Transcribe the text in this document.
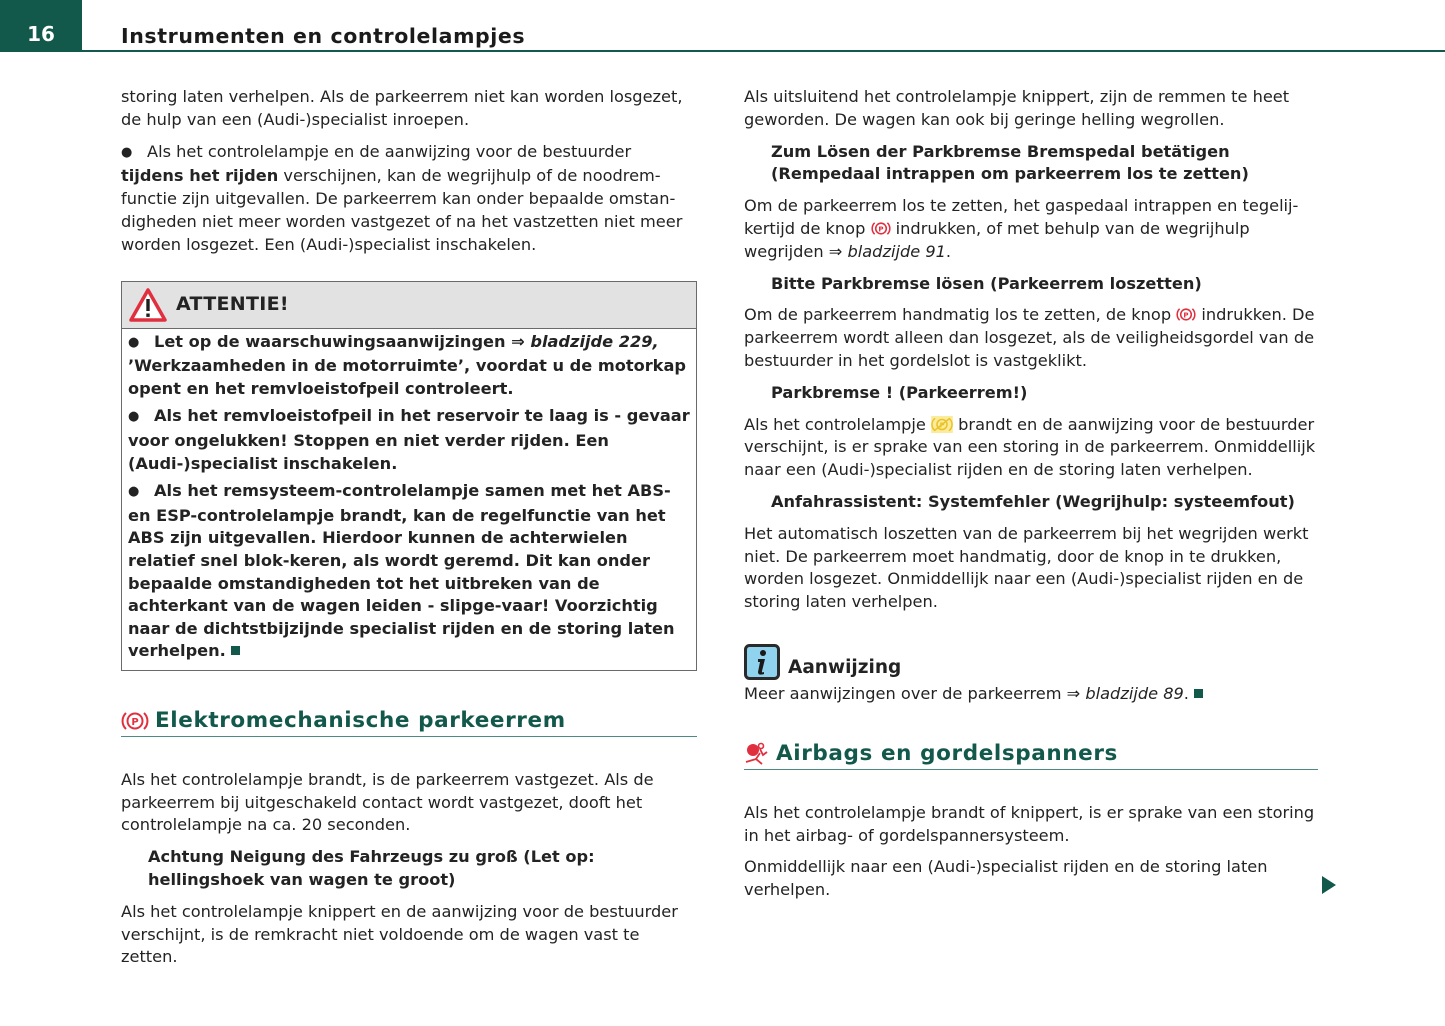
16	Instrumenten en controlelampjes

storing laten verhelpen. Als de parkeerrem niet kan worden losgezet, de hulp van een (Audi-)specialist inroepen.

●Als het controlelampje en de aanwijzing voor de bestuurder tijdens het rijden verschijnen, kan de wegrijhulp of de noodrem-functie zijn uitgevallen. De parkeerrem kan onder bepaalde omstan-digheden niet meer worden vastgezet of na het vastzetten niet meer worden losgezet. Een (Audi-)specialist inschakelen.

ATTENTIE!

●Let op de waarschuwingsaanwijzingen ⇒ bladzijde 229, ’Werkzaamheden in de motorruimte’, voordat u de motorkap opent en het remvloeistofpeil controleert.

●Als het remvloeistofpeil in het reservoir te laag is - gevaar voor ongelukken! Stoppen en niet verder rijden. Een (Audi-)specialist inschakelen.

●Als het remsysteem-controlelampje samen met het ABS- en ESP-controlelampje brandt, kan de regelfunctie van het ABS zijn uitgevallen. Hierdoor kunnen de achterwielen relatief snel blok-keren, als wordt geremd. Dit kan onder bepaalde omstandigheden tot het uitbreken van de achterkant van de wagen leiden - slipge-vaar! Voorzichtig naar de dichtstbijzijnde specialist rijden en de storing laten verhelpen.

P Elektromechanische parkeerrem

Als het controlelampje brandt, is de parkeerrem vastgezet. Als de parkeerrem bij uitgeschakeld contact wordt vastgezet, dooft het controlelampje na ca. 20 seconden.

Achtung Neigung des Fahrzeugs zu groß (Let op: hellingshoek van wagen te groot)

Als het controlelampje knippert en de aanwijzing voor de bestuurder verschijnt, is de remkracht niet voldoende om de wagen vast te zetten.

Als uitsluitend het controlelampje knippert, zijn de remmen te heet geworden. De wagen kan ook bij geringe helling wegrollen.

Zum Lösen der Parkbremse Bremspedal betätigen (Rempedaal intrappen om parkeerrem los te zetten)

Om de parkeerrem los te zetten, het gaspedaal intrappen en tegelij-kertijd de knop P indrukken, of met behulp van de wegrijhulp wegrijden ⇒ bladzijde 91.

Bitte Parkbremse lösen (Parkeerrem loszetten)

Om de parkeerrem handmatig los te zetten, de knop P indrukken. De parkeerrem wordt alleen dan losgezet, als de veiligheidsgordel van de bestuurder in het gordelslot is vastgeklikt.

Parkbremse ! (Parkeerrem!)

Als het controlelampje P brandt en de aanwijzing voor de bestuurder verschijnt, is er sprake van een storing in de parkeerrem. Onmiddellijk naar een (Audi-)specialist rijden en de storing laten verhelpen.

Anfahrassistent: Systemfehler (Wegrijhulp: systeemfout)

Het automatisch loszetten van de parkeerrem bij het wegrijden werkt niet. De parkeerrem moet handmatig, door de knop in te drukken, worden losgezet. Onmiddellijk naar een (Audi-)specialist rijden en de storing laten verhelpen.

Aanwijzing

Meer aanwijzingen over de parkeerrem ⇒ bladzijde 89.

Airbags en gordelspanners

Als het controlelampje brandt of knippert, is er sprake van een storing in het airbag- of gordelspannersysteem.

Onmiddellijk naar een (Audi-)specialist rijden en de storing laten verhelpen.
